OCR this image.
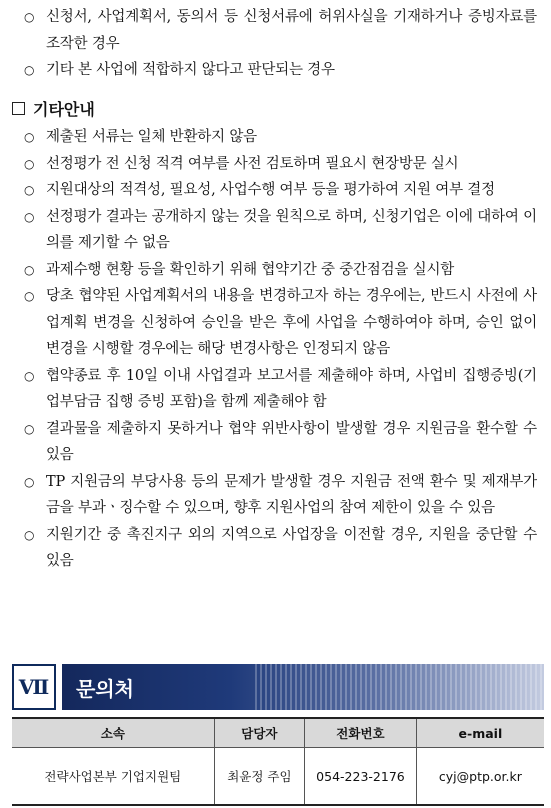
○ 신청서, 사업계획서, 동의서 등 신청서류에 허위사실을 기재하거나 증빙자료를 조작한 경우
○ 기타 본 사업에 적합하지 않다고 판단되는 경우
기타안내
○ 제출된 서류는 일체 반환하지 않음
○ 선정평가 전 신청 적격 여부를 사전 검토하며 필요시 현장방문 실시
○ 지원대상의 적격성, 필요성, 사업수행 여부 등을 평가하여 지원 여부 결정
○ 선정평가 결과는 공개하지 않는 것을 원칙으로 하며, 신청기업은 이에 대하여 이의를 제기할 수 없음
○ 과제수행 현황 등을 확인하기 위해 협약기간 중 중간점검을 실시함
○ 당초 협약된 사업계획서의 내용을 변경하고자 하는 경우에는, 반드시 사전에 사업계획 변경을 신청하여 승인을 받은 후에 사업을 수행하여야 하며, 승인 없이 변경을 시행할 경우에는 해당 변경사항은 인정되지 않음
○ 협약종료 후 10일 이내 사업결과 보고서를 제출해야 하며, 사업비 집행증빙(기업부담금 집행 증빙 포함)을 함께 제출해야 함
○ 결과물을 제출하지 못하거나 협약 위반사항이 발생할 경우 지원금을 환수할 수 있음
○ TP 지원금의 부당사용 등의 문제가 발생할 경우 지원금 전액 환수 및 제재부가금을 부과ㆍ징수할 수 있으며, 향후 지원사업의 참여 제한이 있을 수 있음
○ 지원기간 중 촉진지구 외의 지역으로 사업장을 이전할 경우, 지원을 중단할 수 있음
Ⅶ	문의처
소속	담당자	전화번호	e-mail
전략사업본부 기업지원팀	최윤정 주임	054-223-2176	cyj@ptp.or.kr
